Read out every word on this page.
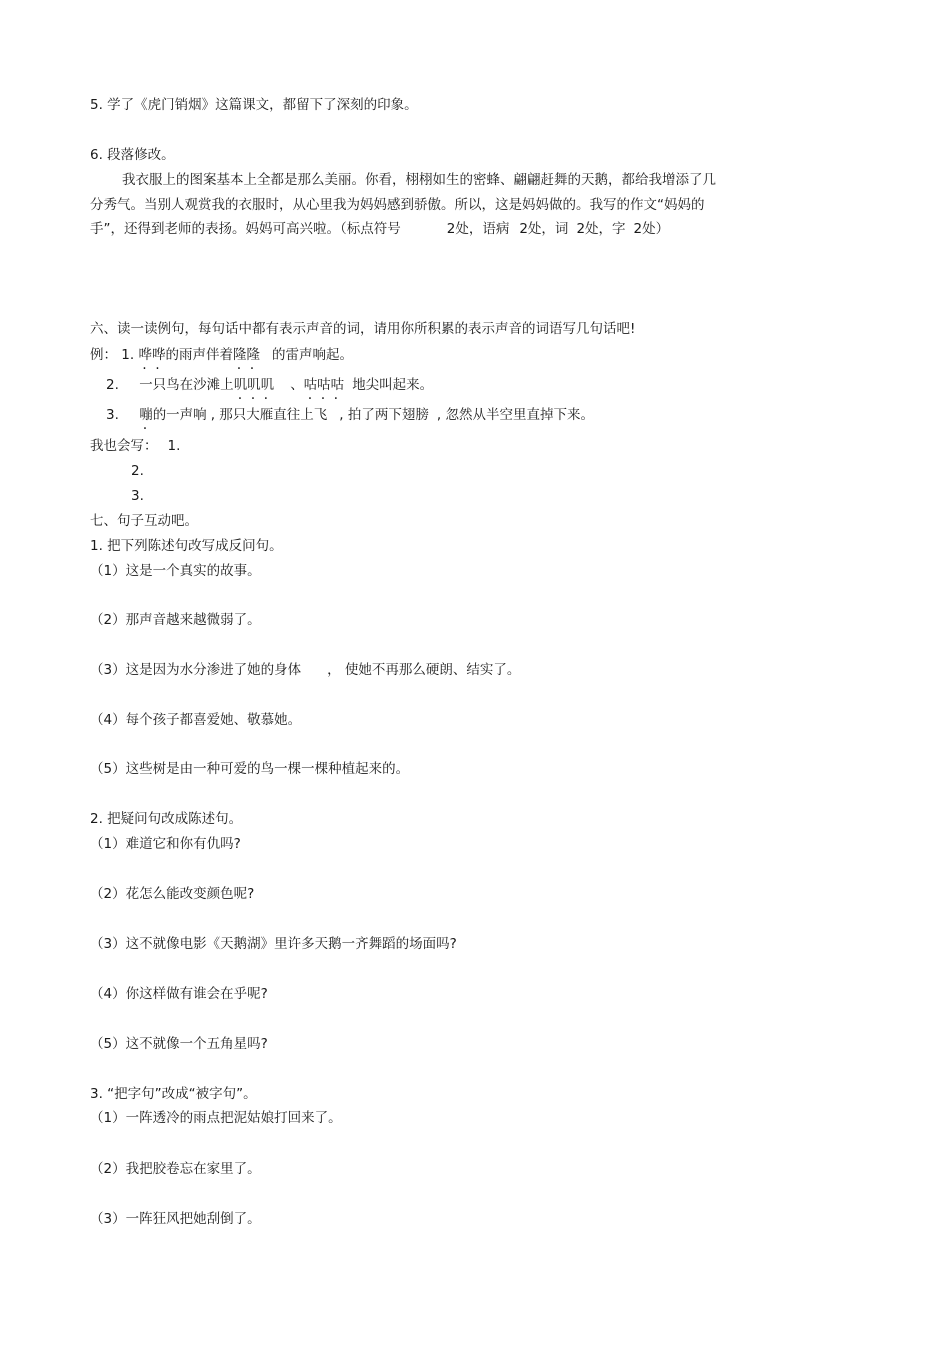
5. 学了《虎门销烟》这篇课文，都留下了深刻的印象。
6. 段落修改。
我衣服上的图案基本上全都是那么美丽。你看，栩栩如生的密蜂、翩翩赶舞的天鹅，都给我增添了几
分秀气。当别人观赏我的衣服时，从心里我为妈妈感到骄傲。所以，这是妈妈做的。我写的作文“妈妈的
手”，还得到老师的表扬。妈妈可高兴啦。（标点符号	2处，语病 2处，词 2处，字 2处）
六、读一读例句，每句话中都有表示声音的词，请用你所积累的表示声音的词语写几句话吧!
例： 1. 哗哗 · ·的雨声伴着隆隆 · · 的雷声响起。
2. 一只鸟在沙滩上叽叽叽 · · · 、咕咕咕 · · · 地尖叫起来。
3. 嘣的一声响 , 那只大雁直往上飞 , 拍了两下翅膀 , 忽然从半空里直掉下来。
我也会写： 1.
2.
3.
七、句子互动吧。
1. 把下列陈述句改写成反问句。
（1）这是一个真实的故事。
（2）那声音越来越微弱了。
（3）这是因为水分渗进了她的身体 ， 使她不再那么硬朗、结实了。
（4）每个孩子都喜爱她、敬慕她。
（5）这些树是由一种可爱的鸟一棵一棵种植起来的。
2. 把疑问句改成陈述句。
（1）难道它和你有仇吗?
（2）花怎么能改变颜色呢?
（3）这不就像电影《天鹅湖》里许多天鹅一齐舞蹈的场面吗?
（4）你这样做有谁会在乎呢?
（5）这不就像一个五角星吗?
3. “把字句”改成“被字句”。
（1）一阵透冷的雨点把泥姑娘打回来了。
（2）我把胶卷忘在家里了。
（3）一阵狂风把她刮倒了。
